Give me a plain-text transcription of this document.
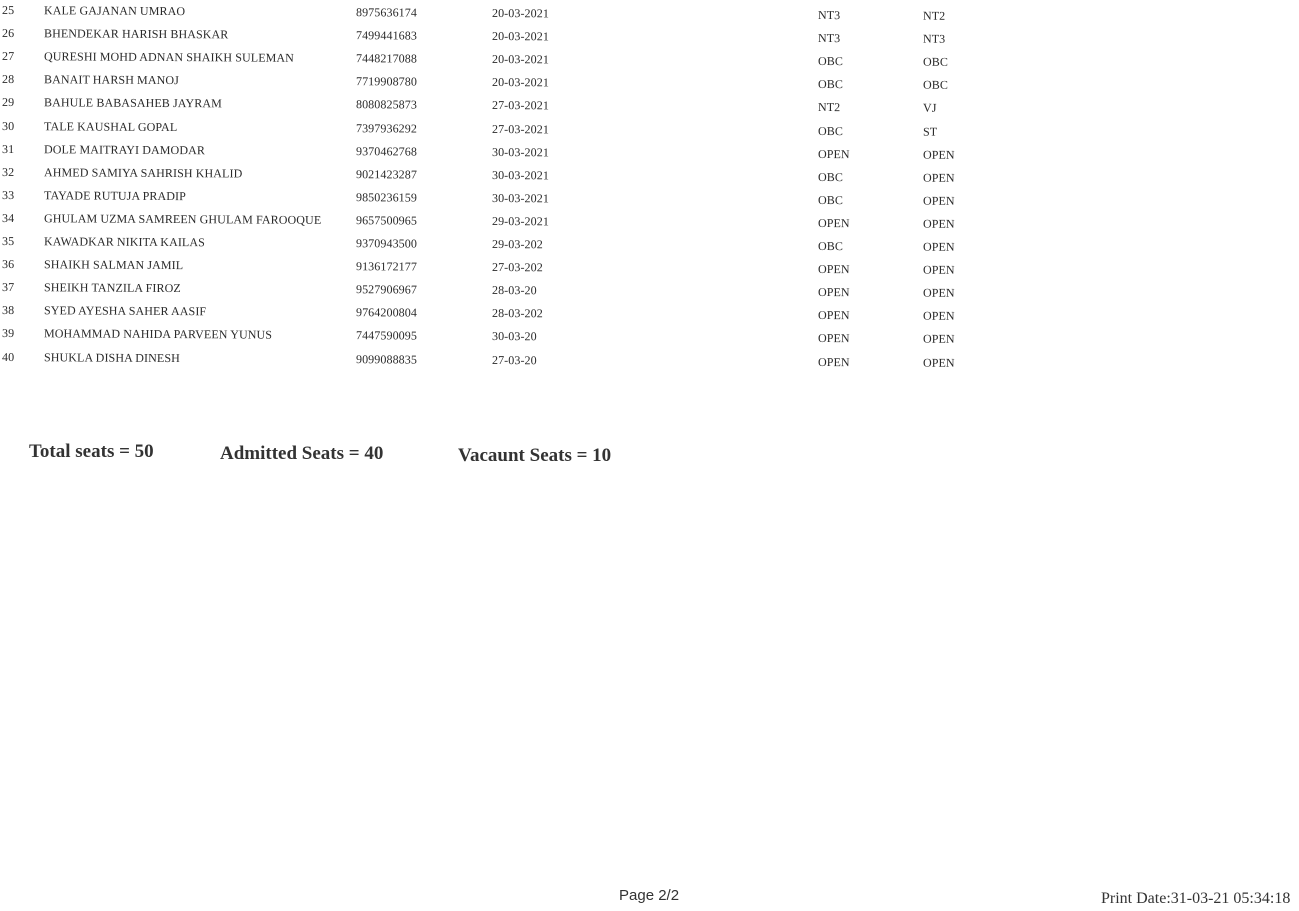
25	KALE GAJANAN UMRAO	8975636174	20-03-2021	NT3	NT2
26	BHENDEKAR HARISH BHASKAR	7499441683	20-03-2021	NT3	NT3
27	QURESHI MOHD ADNAN SHAIKH SULEMAN	7448217088	20-03-2021	OBC	OBC
28	BANAIT HARSH MANOJ	7719908780	20-03-2021	OBC	OBC
29	BAHULE BABASAHEB JAYRAM	8080825873	27-03-2021	NT2	VJ
30	TALE KAUSHAL GOPAL	7397936292	27-03-2021	OBC	ST
31	DOLE MAITRAYI DAMODAR	9370462768	30-03-2021	OPEN	OPEN
32	AHMED SAMIYA SAHRISH KHALID	9021423287	30-03-2021	OBC	OPEN
33	TAYADE RUTUJA PRADIP	9850236159	30-03-2021	OBC	OPEN
34	GHULAM UZMA SAMREEN GHULAM FAROOQUE	9657500965	29-03-2021	OPEN	OPEN
35	KAWADKAR NIKITA KAILAS	9370943500	29-03-202	OBC	OPEN
36	SHAIKH SALMAN JAMIL	9136172177	27-03-202	OPEN	OPEN
37	SHEIKH TANZILA FIROZ	9527906967	28-03-20	OPEN	OPEN
38	SYED AYESHA SAHER AASIF	9764200804	28-03-202	OPEN	OPEN
39	MOHAMMAD NAHIDA PARVEEN YUNUS	7447590095	30-03-20	OPEN	OPEN
40	SHUKLA DISHA DINESH	9099088835	27-03-20	OPEN	OPEN
Total seats = 50	Admitted Seats = 40	Vacaunt Seats = 10
Page 2/2	Print Date:31-03-21 05:34:18
